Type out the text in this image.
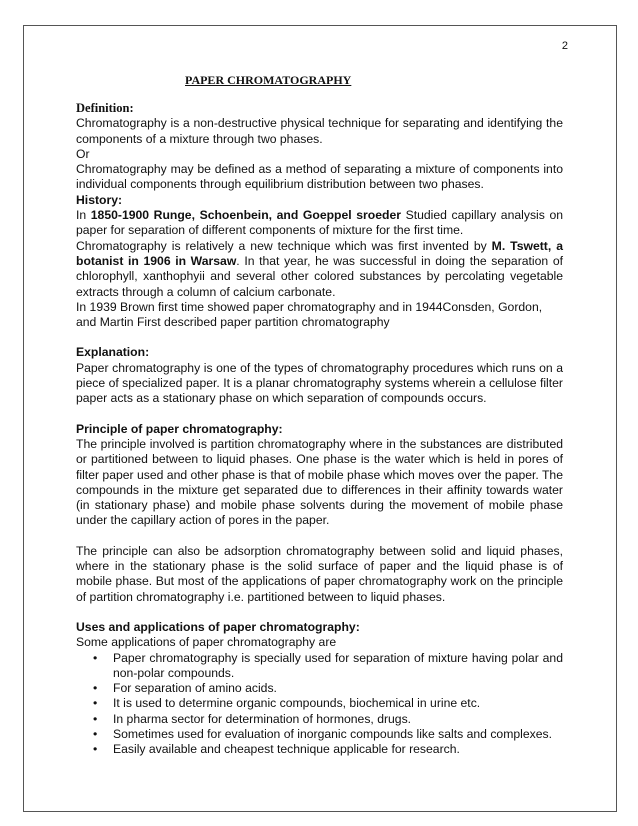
2
PAPER CHROMATOGRAPHY

Definition:

Chromatography is a non-destructive physical technique for separating and identifying the components of a mixture through two phases.

Or

Chromatography may be defined as a method of separating a mixture of components into individual components through equilibrium distribution between two phases.

History:

In 1850-1900 Runge, Schoenbein, and Goeppel sroeder Studied capillary analysis on paper for separation of different components of mixture for the first time.

Chromatography is relatively a new technique which was first invented by M. Tswett, a botanist in 1906 in Warsaw. In that year, he was successful in doing the separation of chlorophyll, xanthophyii and several other colored substances by percolating vegetable extracts through a column of calcium carbonate.

In 1939 Brown first time showed paper chromatography and in 1944Consden, Gordon, and Martin First described paper partition chromatography

Explanation:

Paper chromatography is one of the types of chromatography procedures which runs on a piece of specialized paper. It is a planar chromatography systems wherein a cellulose filter paper acts as a stationary phase on which separation of compounds occurs.

Principle of paper chromatography:

The principle involved is partition chromatography where in the substances are distributed or partitioned between to liquid phases. One phase is the water which is held in pores of filter paper used and other phase is that of mobile phase which moves over the paper. The compounds in the mixture get separated due to differences in their affinity towards water (in stationary phase) and mobile phase solvents during the movement of mobile phase under the capillary action of pores in the paper.

The principle can also be adsorption chromatography between solid and liquid phases, where in the stationary phase is the solid surface of paper and the liquid phase is of mobile phase. But most of the applications of paper chromatography work on the principle of partition chromatography i.e. partitioned between to liquid phases.

Uses and applications of paper chromatography:

Some applications of paper chromatography are

• Paper chromatography is specially used for separation of mixture having polar and non-polar compounds.
• For separation of amino acids.
• It is used to determine organic compounds, biochemical in urine etc.
• In pharma sector for determination of hormones, drugs.
• Sometimes used for evaluation of inorganic compounds like salts and complexes.
• Easily available and cheapest technique applicable for research.
